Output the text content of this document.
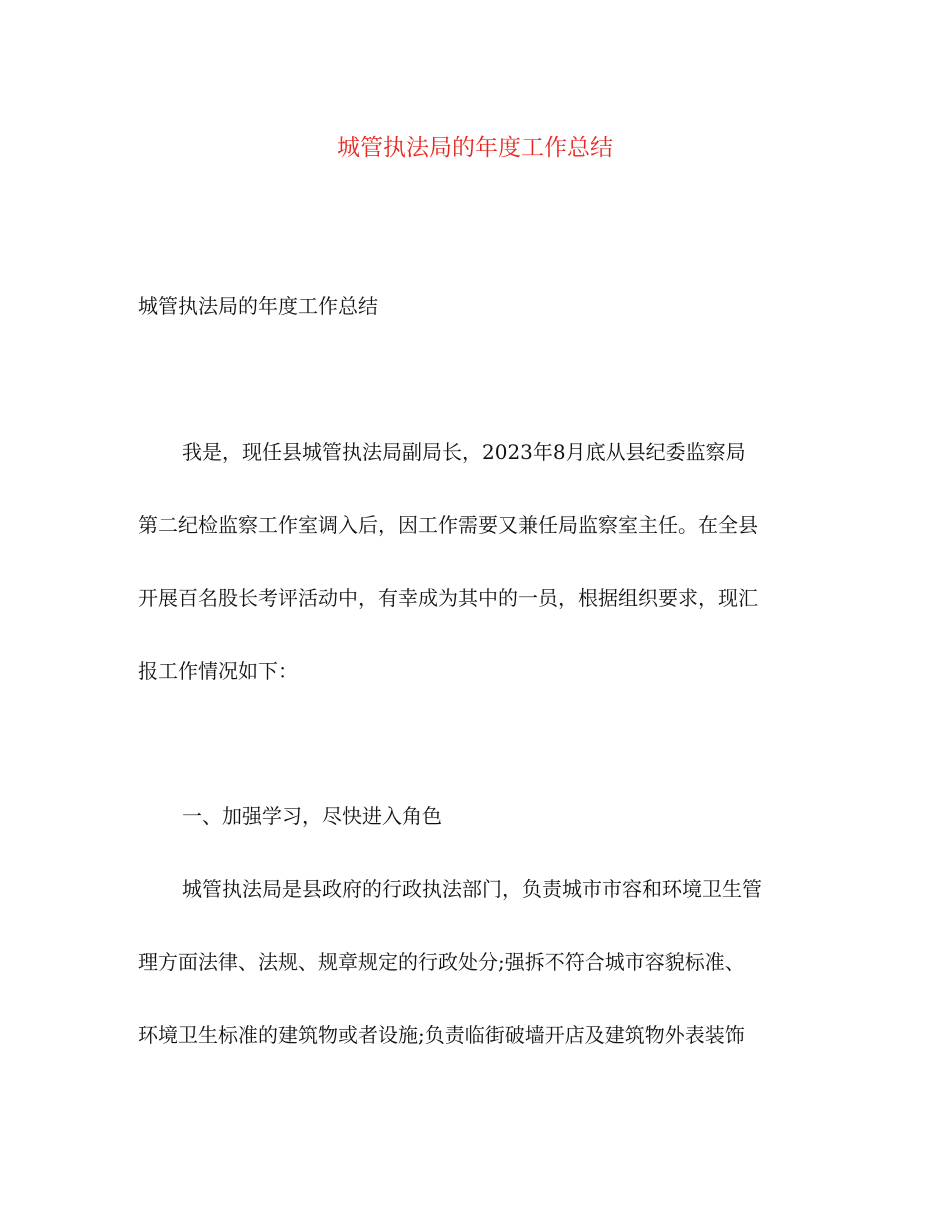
城管执法局的年度工作总结
城管执法局的年度工作总结
我是，现任县城管执法局副局长，2023年8月底从县纪委监察局
第二纪检监察工作室调入后，因工作需要又兼任局监察室主任。在全县
开展百名股长考评活动中，有幸成为其中的一员，根据组织要求，现汇
报工作情况如下：
一、加强学习，尽快进入角色
城管执法局是县政府的行政执法部门，负责城市市容和环境卫生管
理方面法律、法规、规章规定的行政处分;强拆不符合城市容貌标准、
环境卫生标准的建筑物或者设施;负责临街破墙开店及建筑物外表装饰
